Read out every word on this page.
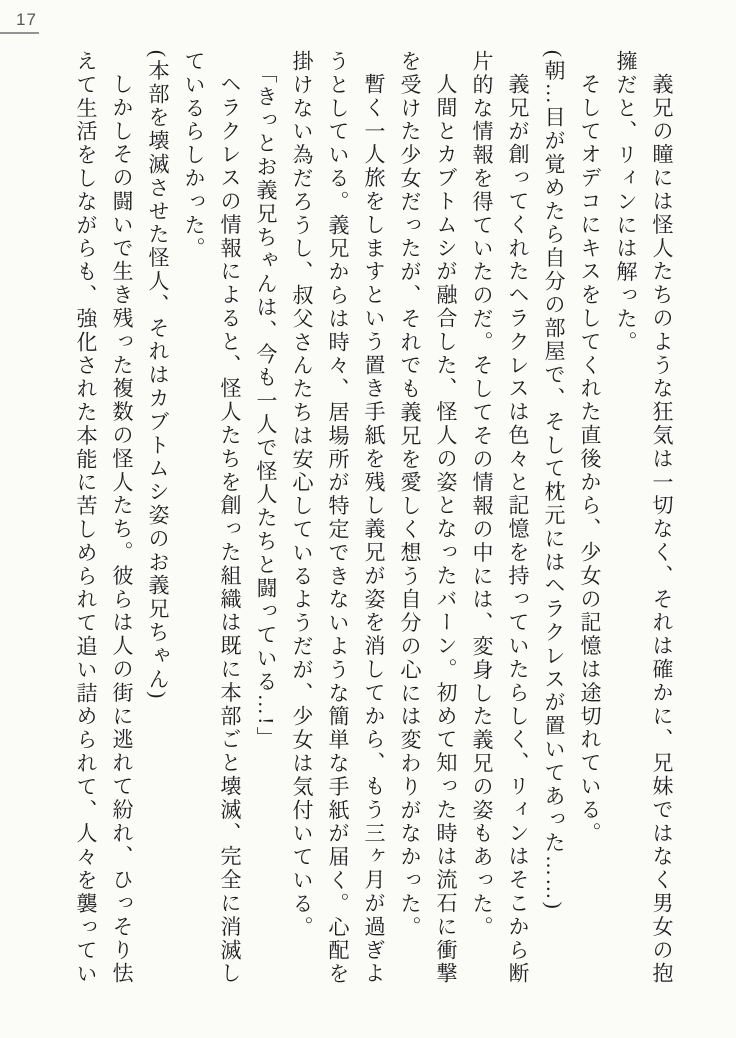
17

義兄の瞳には怪人たちのような狂気は一切なく、それは確かに、兄妹ではなく男女の抱擁だと、リィンには解った。

そしてオデコにキスをしてくれた直後から、少女の記憶は途切れている。

(朝…目が覚めたら自分の部屋で、そして枕元にはヘラクレスが置いてあった……)

義兄が創ってくれたヘラクレスは色々と記憶を持っていたらしく、リィンはそこから断片的な情報を得ていたのだ。そしてその情報の中には、変身した義兄の姿もあった。

人間とカブトムシが融合した、怪人の姿となったバーン。初めて知った時は流石に衝撃を受けた少女だったが、それでも義兄を愛しく想う自分の心には変わりがなかった。

暫く一人旅をしますという置き手紙を残し義兄が姿を消してから、もう三ヶ月が過ぎようとしている。義兄からは時々、居場所が特定できないような簡単な手紙が届く。心配を掛けない為だろうし、叔父さんたちは安心しているようだが、少女は気付いている。

「きっとお義兄ちゃんは、今も一人で怪人たちと闘っている…!」

ヘラクレスの情報によると、怪人たちを創った組織は既に本部ごと壊滅、完全に消滅しているらしかった。

(本部を壊滅させた怪人、それはカブトムシ姿のお義兄ちゃん)

しかしその闘いで生き残った複数の怪人たち。彼らは人の街に逃れて紛れ、ひっそり怯えて生活をしながらも、強化された本能に苦しめられて追い詰められて、人々を襲ってい
